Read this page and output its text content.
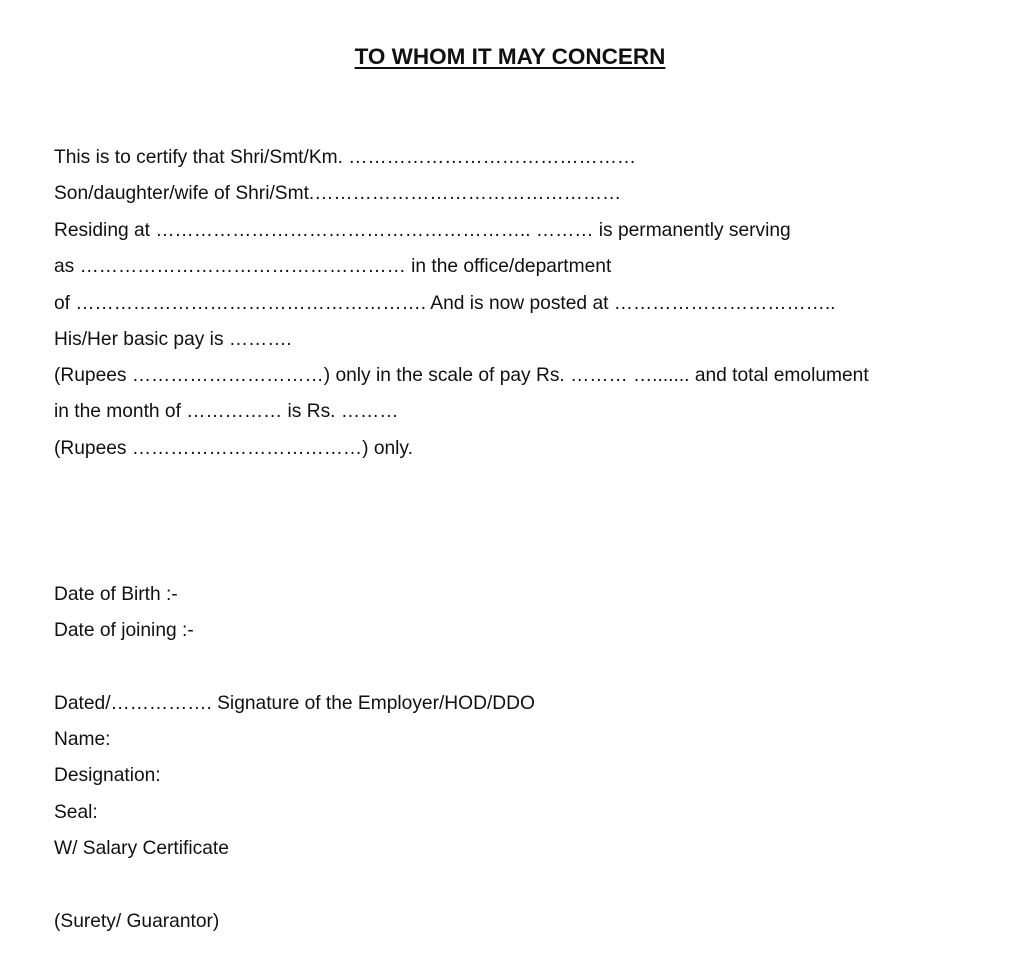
TO WHOM IT MAY CONCERN
This is to certify that Shri/Smt/Km. ………………………………………
Son/daughter/wife of Shri/Smt.…………………………………………
Residing at ………………………………………………….. ……… is permanently serving
as …………………………………………… in the office/department
of ………………………………………………. And is now posted at ……………………………..
His/Her basic pay is ……….
(Rupees …………………………) only in the scale of pay Rs. ……… …....... and total emolument
in the month of …………… is Rs. ………
(Rupees ………………………………) only.
Date of Birth :-
Date of joining :-
Dated/……………. Signature of the Employer/HOD/DDO
Name:
Designation:
Seal:
W/ Salary Certificate
(Surety/ Guarantor)
